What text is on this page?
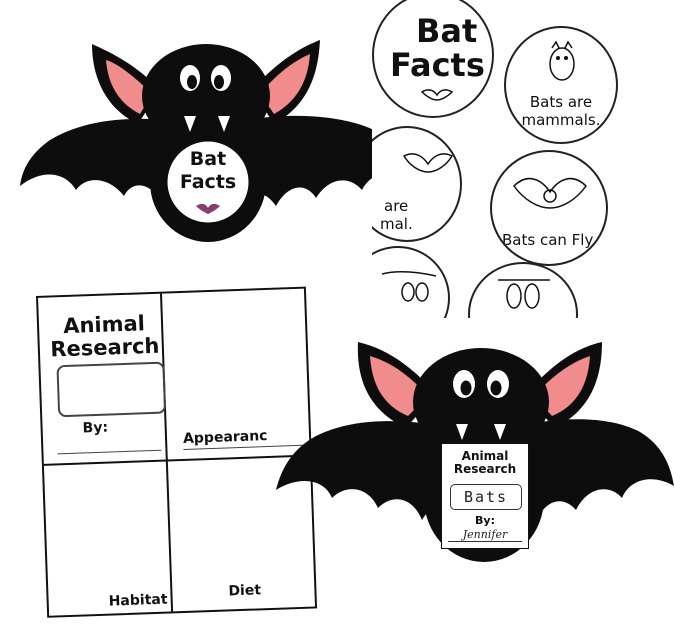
Bat
Facts
Bat
Facts
Bats are
mammals.
are
mal.
Bats can Fly.
Animal
Research
By:
Appearanc
Habitat
Diet
Animal
Research
Bats
By:
Jennifer
